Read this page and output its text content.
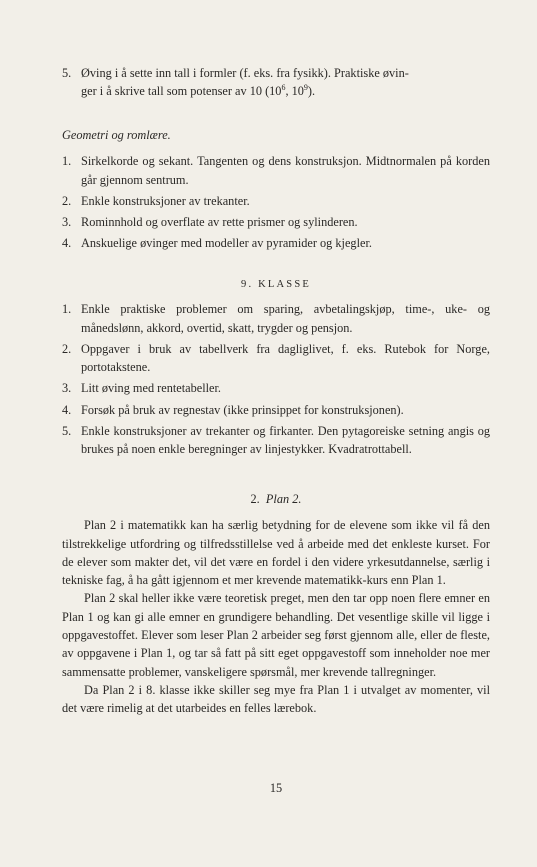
5. Øving i å sette inn tall i formler (f. eks. fra fysikk). Praktiske øvin-
ger i å skrive tall som potenser av 10 ($10^6$, $10^9$).
Geometri og romlære.
1. Sirkelkorde og sekant. Tangenten og dens konstruksjon. Midtnormalen på korden går gjennom sentrum.
2. Enkle konstruksjoner av trekanter.
3. Rominnhold og overflate av rette prismer og sylinderen.
4. Anskuelige øvinger med modeller av pyramider og kjegler.
9. KLASSE
1. Enkle praktiske problemer om sparing, avbetalingskjøp, time-, uke- og månedslønn, akkord, overtid, skatt, trygder og pensjon.
2. Oppgaver i bruk av tabellverk fra dagliglivet, f. eks. Rutebok for Norge, portotakstene.
3. Litt øving med rentetabeller.
4. Forsøk på bruk av regnestav (ikke prinsippet for konstruksjonen).
5. Enkle konstruksjoner av trekanter og firkanter. Den pytagoreiske setning angis og brukes på noen enkle beregninger av linjestykker. Kvadratrottabell.
2. Plan 2.
Plan 2 i matematikk kan ha særlig betydning for de elevene som ikke vil få den tilstrekkelige utfordring og tilfredsstillelse ved å arbeide med det enkleste kurset. For de elever som makter det, vil det være en fordel i den videre yrkesutdannelse, særlig i tekniske fag, å ha gått igjennom et mer krevende matematikk-kurs enn Plan 1.
Plan 2 skal heller ikke være teoretisk preget, men den tar opp noen flere emner en Plan 1 og kan gi alle emner en grundigere behandling. Det vesentlige skille vil ligge i oppgavestoffet. Elever som leser Plan 2 arbeider seg først gjennom alle, eller de fleste, av oppgavene i Plan 1, og tar så fatt på sitt eget oppgavestoff som inneholder noe mer sammensatte problemer, vanskeligere spørsmål, mer krevende tallregninger.
Da Plan 2 i 8. klasse ikke skiller seg mye fra Plan 1 i utvalget av momenter, vil det være rimelig at det utarbeides en felles lærebok.
15
